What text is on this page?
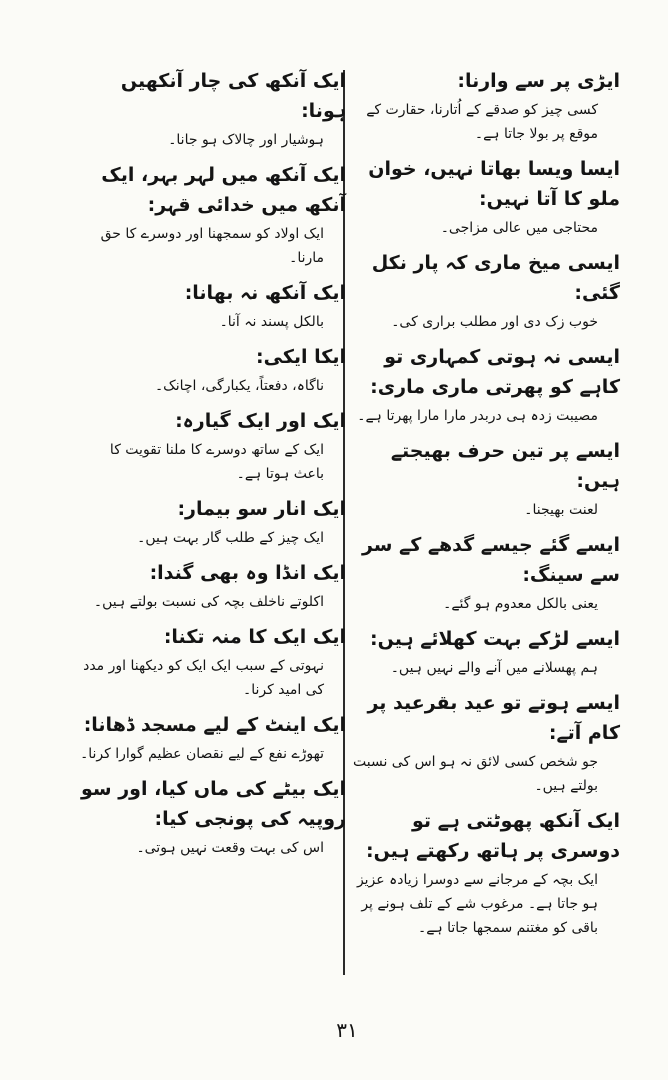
ایڑی پر سے وارنا:

کسی چیز کو صدقے کے اُتارنا، حقارت کے موقع پر بولا جاتا ہے۔

ایسا ویسا بھاتا نہیں، خوان ملو کا آتا نہیں:

محتاجی میں عالی مزاجی۔

ایسی میخ ماری کہ پار نکل گئی:

خوب زک دی اور مطلب براری کی۔

ایسی نہ ہوتی کمہاری تو کاہے کو پھرتی ماری ماری:

مصیبت زدہ ہی دربدر مارا مارا پھرتا ہے۔

ایسے پر تین حرف بھیجتے ہیں:

لعنت بھیجنا۔

ایسے گئے جیسے گدھے کے سر سے سینگ:

یعنی بالکل معدوم ہو گئے۔

ایسے لڑکے بہت کھلائے ہیں:

ہم پھسلانے میں آنے والے نہیں ہیں۔

ایسے ہوتے تو عید بقرعید پر کام آتے:

جو شخص کسی لائق نہ ہو اس کی نسبت بولتے ہیں۔

ایک آنکھ پھوٹتی ہے تو دوسری پر ہاتھ رکھتے ہیں:

ایک بچہ کے مرجانے سے دوسرا زیادہ عزیز ہو جاتا ہے۔ مرغوب شے کے تلف ہونے پر باقی کو مغتنم سمجھا جاتا ہے۔

ایک آنکھ کی چار آنکھیں ہونا:

ہوشیار اور چالاک ہو جانا۔

ایک آنکھ میں لہر بہر، ایک آنکھ میں خدائی قہر:

ایک اولاد کو سمجھنا اور دوسرے کا حق مارنا۔

ایک آنکھ نہ بھانا:

بالکل پسند نہ آنا۔

ایکا ایکی:

ناگاہ، دفعتاً، یکبارگی، اچانک۔

ایک اور ایک گیارہ:

ایک کے ساتھ دوسرے کا ملنا تقویت کا باعث ہوتا ہے۔

ایک انار سو بیمار:

ایک چیز کے طلب گار بہت ہیں۔

ایک انڈا وہ بھی گندا:

اکلوتے ناخلف بچہ کی نسبت بولتے ہیں۔

ایک ایک کا منہ تکنا:

نہوتی کے سبب ایک ایک کو دیکھنا اور مدد کی امید کرنا۔

ایک اینٹ کے لیے مسجد ڈھانا:

تھوڑے نفع کے لیے نقصان عظیم گوارا کرنا۔

ایک بیٹے کی ماں کیا، اور سو روپیہ کی پونجی کیا:

اس کی بہت وقعت نہیں ہوتی۔

۳۱
